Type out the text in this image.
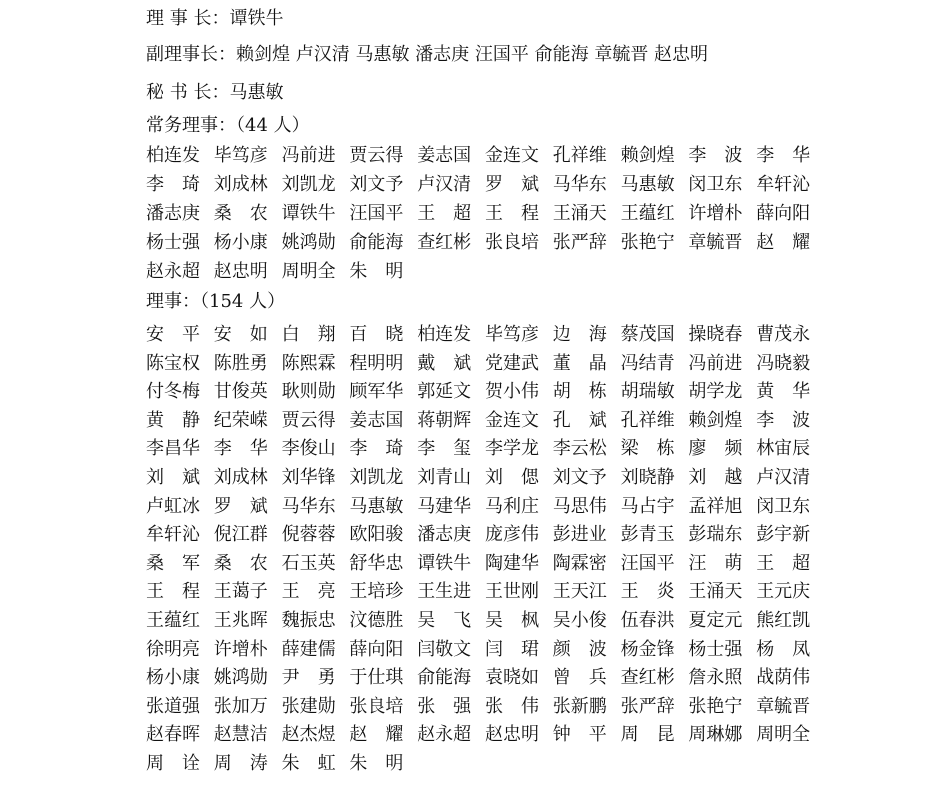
理 事 长：谭铁牛
副理事长：赖剑煌 卢汉清 马惠敏 潘志庚 汪国平 俞能海 章毓晋 赵忠明
秘 书 长：马惠敏
常务理事：（44 人）
柏连发 毕笃彦 冯前进 贾云得 姜志国 金连文 孔祥维 赖剑煌 李　波 李　华
李　琦 刘成林 刘凯龙 刘文予 卢汉清 罗　斌 马华东 马惠敏 闵卫东 牟轩沁
潘志庚 桑　农 谭铁牛 汪国平 王　超 王　程 王涌天 王蕴红 许增朴 薛向阳
杨士强 杨小康 姚鸿勋 俞能海 查红彬 张良培 张严辞 张艳宁 章毓晋 赵　耀
赵永超 赵忠明 周明全 朱　明
理事：（154 人）
安　平 安　如 白　翔 百　晓 柏连发 毕笃彦 边　海 蔡茂国 操晓春 曹茂永
陈宝权 陈胜勇 陈熙霖 程明明 戴　斌 党建武 董　晶 冯结青 冯前进 冯晓毅
付冬梅 甘俊英 耿则勋 顾军华 郭延文 贺小伟 胡　栋 胡瑞敏 胡学龙 黄　华
黄　静 纪荣嵘 贾云得 姜志国 蒋朝辉 金连文 孔　斌 孔祥维 赖剑煌 李　波
李昌华 李　华 李俊山 李　琦 李　玺 李学龙 李云松 梁　栋 廖　频 林宙辰
刘　斌 刘成林 刘华锋 刘凯龙 刘青山 刘　偲 刘文予 刘晓静 刘　越 卢汉清
卢虹冰 罗　斌 马华东 马惠敏 马建华 马利庄 马思伟 马占宇 孟祥旭 闵卫东
牟轩沁 倪江群 倪蓉蓉 欧阳骏 潘志庚 庞彦伟 彭进业 彭青玉 彭瑞东 彭宇新
桑　军 桑　农 石玉英 舒华忠 谭铁牛 陶建华 陶霖密 汪国平 汪　萌 王　超
王　程 王蔼子 王　亮 王培珍 王生进 王世刚 王天江 王　炎 王涌天 王元庆
王蕴红 王兆晖 魏振忠 汶德胜 吴　飞 吴　枫 吴小俊 伍春洪 夏定元 熊红凯
徐明亮 许增朴 薛建儒 薛向阳 闫敬文 闫　珺 颜　波 杨金锋 杨士强 杨　凤
杨小康 姚鸿勋 尹　勇 于仕琪 俞能海 袁晓如 曾　兵 查红彬 詹永照 战荫伟
张道强 张加万 张建勋 张良培 张　强 张　伟 张新鹏 张严辞 张艳宁 章毓晋
赵春晖 赵慧洁 赵杰煜 赵　耀 赵永超 赵忠明 钟　平 周　昆 周琳娜 周明全
周　诠 周　涛 朱　虹 朱　明
